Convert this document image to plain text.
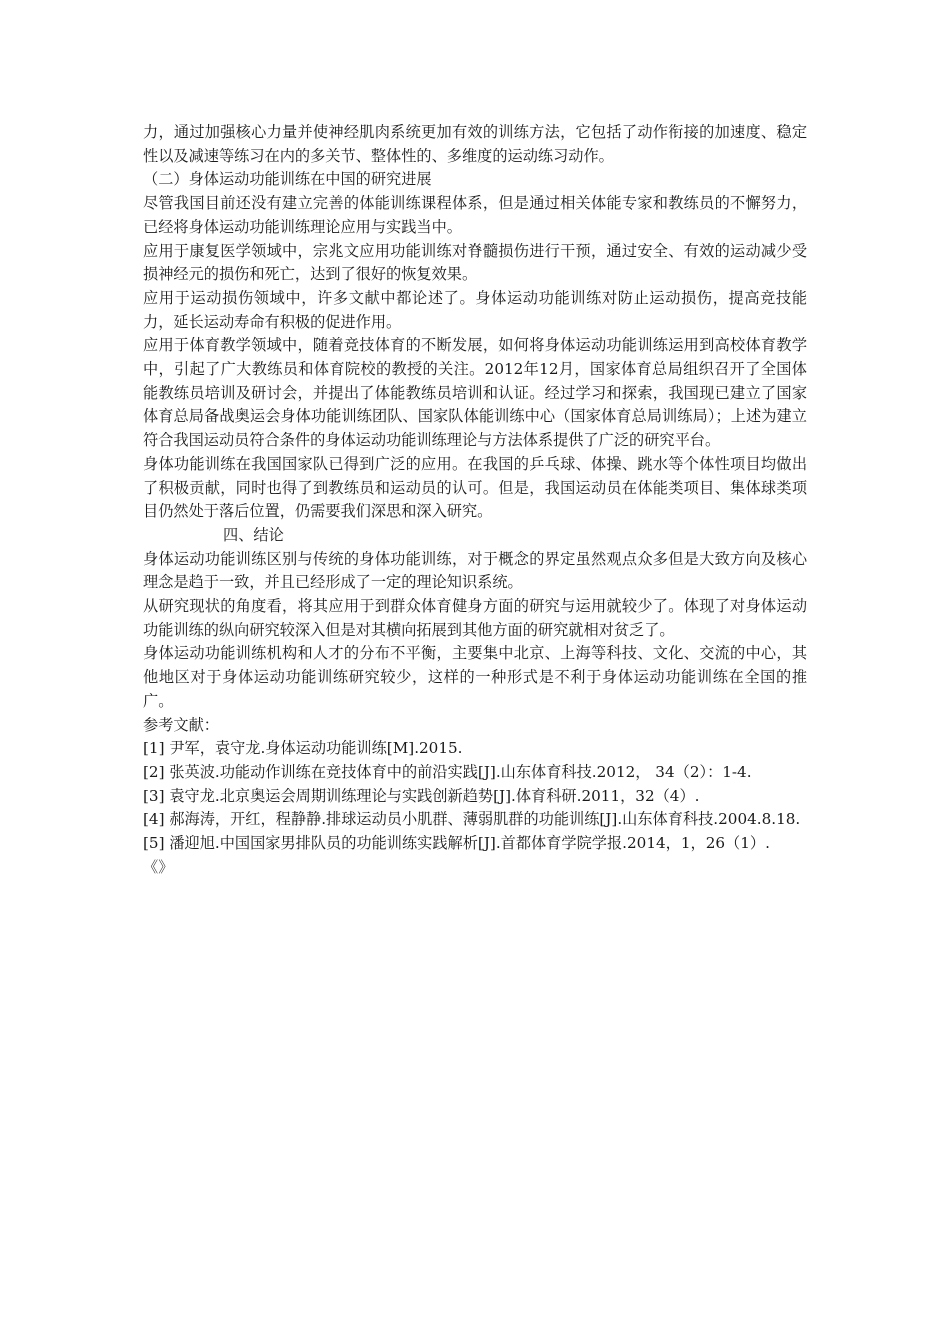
力，通过加强核心力量并使神经肌肉系统更加有效的训练方法，它包括了动作衔接的加速度、稳定性以及减速等练习在内的多关节、整体性的、多维度的运动练习动作。

（二）身体运动功能训练在中国的研究进展

尽管我国目前还没有建立完善的体能训练课程体系，但是通过相关体能专家和教练员的不懈努力，已经将身体运动功能训练理论应用与实践当中。

应用于康复医学领域中，宗兆文应用功能训练对脊髓损伤进行干预，通过安全、有效的运动减少受损神经元的损伤和死亡，达到了很好的恢复效果。

应用于运动损伤领域中，许多文献中都论述了。身体运动功能训练对防止运动损伤，提高竞技能力，延长运动寿命有积极的促进作用。

应用于体育教学领域中，随着竞技体育的不断发展，如何将身体运动功能训练运用到高校体育教学中，引起了广大教练员和体育院校的教授的关注。2012年12月，国家体育总局组织召开了全国体能教练员培训及研讨会，并提出了体能教练员培训和认证。经过学习和探索，我国现已建立了国家体育总局备战奥运会身体功能训练团队、国家队体能训练中心（国家体育总局训练局）；上述为建立符合我国运动员符合条件的身体运动功能训练理论与方法体系提供了广泛的研究平台。

身体功能训练在我国国家队已得到广泛的应用。在我国的乒乓球、体操、跳水等个体性项目均做出了积极贡献，同时也得了到教练员和运动员的认可。但是，我国运动员在体能类项目、集体球类项目仍然处于落后位置，仍需要我们深思和深入研究。

四、结论

身体运动功能训练区别与传统的身体功能训练，对于概念的界定虽然观点众多但是大致方向及核心理念是趋于一致，并且已经形成了一定的理论知识系统。

从研究现状的角度看，将其应用于到群众体育健身方面的研究与运用就较少了。体现了对身体运动功能训练的纵向研究较深入但是对其横向拓展到其他方面的研究就相对贫乏了。

身体运动功能训练机构和人才的分布不平衡，主要集中北京、上海等科技、文化、交流的中心，其他地区对于身体运动功能训练研究较少，这样的一种形式是不利于身体运动功能训练在全国的推广。

参考文献：

[1] 尹军，袁守龙.身体运动功能训练[M].2015.

[2] 张英波.功能动作训练在竞技体育中的前沿实践[J].山东体育科技.2012， 34（2）：1-4.

[3] 袁守龙.北京奥运会周期训练理论与实践创新趋势[J].体育科研.2011，32（4）.

[4] 郝海涛，开红，程静静.排球运动员小肌群、薄弱肌群的功能训练[J].山东体育科技.2004.8.18.

[5] 潘迎旭.中国国家男排队员的功能训练实践解析[J].首都体育学院学报.2014，1，26（1）.

《》
